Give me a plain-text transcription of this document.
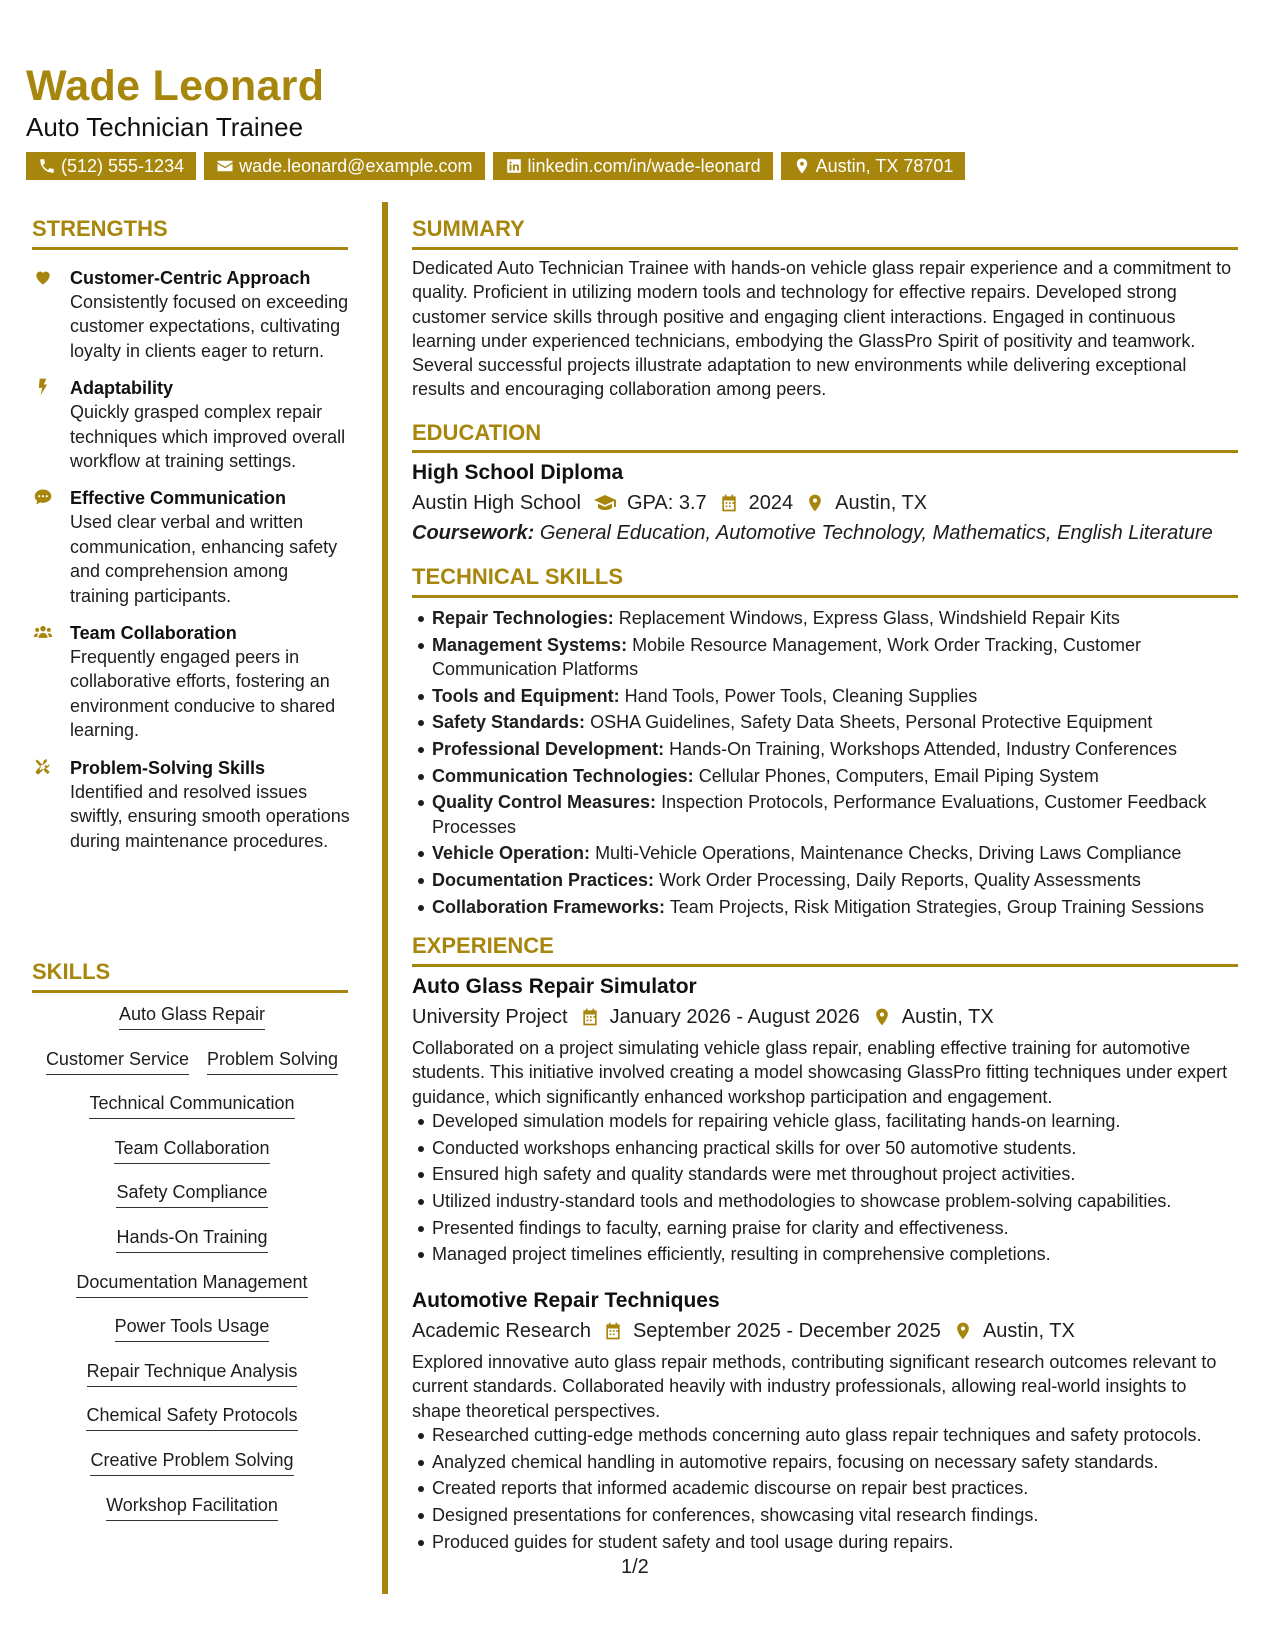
Wade Leonard
Auto Technician Trainee
(512) 555-1234	wade.leonard@example.com	linkedin.com/in/wade-leonard	Austin, TX 78701
STRENGTHS
Customer-Centric Approach
Consistently focused on exceeding customer expectations, cultivating loyalty in clients eager to return.
Adaptability
Quickly grasped complex repair techniques which improved overall workflow at training settings.
Effective Communication
Used clear verbal and written communication, enhancing safety and comprehension among training participants.
Team Collaboration
Frequently engaged peers in collaborative efforts, fostering an environment conducive to shared learning.
Problem-Solving Skills
Identified and resolved issues swiftly, ensuring smooth operations during maintenance procedures.
SKILLS
Auto Glass Repair
Customer Service Problem Solving
Technical Communication
Team Collaboration
Safety Compliance
Hands-On Training
Documentation Management
Power Tools Usage
Repair Technique Analysis
Chemical Safety Protocols
Creative Problem Solving
Workshop Facilitation
SUMMARY

Dedicated Auto Technician Trainee with hands-on vehicle glass repair experience and a commitment to quality. Proficient in utilizing modern tools and technology for effective repairs. Developed strong customer service skills through positive and engaging client interactions. Engaged in continuous learning under experienced technicians, embodying the GlassPro Spirit of positivity and teamwork. Several successful projects illustrate adaptation to new environments while delivering exceptional results and encouraging collaboration among peers.

EDUCATION
High School Diploma
Austin High School GPA: 3.7 2024 Austin, TX
Coursework: General Education, Automotive Technology, Mathematics, English Literature
TECHNICAL SKILLS
Repair Technologies: Replacement Windows, Express Glass, Windshield Repair Kits
Management Systems: Mobile Resource Management, Work Order Tracking, Customer Communication Platforms
Tools and Equipment: Hand Tools, Power Tools, Cleaning Supplies
Safety Standards: OSHA Guidelines, Safety Data Sheets, Personal Protective Equipment
Professional Development: Hands-On Training, Workshops Attended, Industry Conferences
Communication Technologies: Cellular Phones, Computers, Email Piping System
Quality Control Measures: Inspection Protocols, Performance Evaluations, Customer Feedback Processes
Vehicle Operation: Multi-Vehicle Operations, Maintenance Checks, Driving Laws Compliance
Documentation Practices: Work Order Processing, Daily Reports, Quality Assessments
Collaboration Frameworks: Team Projects, Risk Mitigation Strategies, Group Training Sessions
EXPERIENCE
Auto Glass Repair Simulator
University Project January 2026 - August 2026 Austin, TX

Collaborated on a project simulating vehicle glass repair, enabling effective training for automotive students. This initiative involved creating a model showcasing GlassPro fitting techniques under expert guidance, which significantly enhanced workshop participation and engagement.

Developed simulation models for repairing vehicle glass, facilitating hands-on learning.
Conducted workshops enhancing practical skills for over 50 automotive students.
Ensured high safety and quality standards were met throughout project activities.
Utilized industry-standard tools and methodologies to showcase problem-solving capabilities.
Presented findings to faculty, earning praise for clarity and effectiveness.
Managed project timelines efficiently, resulting in comprehensive completions.
Automotive Repair Techniques
Academic Research September 2025 - December 2025 Austin, TX

Explored innovative auto glass repair methods, contributing significant research outcomes relevant to current standards. Collaborated heavily with industry professionals, allowing real-world insights to shape theoretical perspectives.

Researched cutting-edge methods concerning auto glass repair techniques and safety protocols.
Analyzed chemical handling in automotive repairs, focusing on necessary safety standards.
Created reports that informed academic discourse on repair best practices.
Designed presentations for conferences, showcasing vital research findings.
Produced guides for student safety and tool usage during repairs.
1/2
